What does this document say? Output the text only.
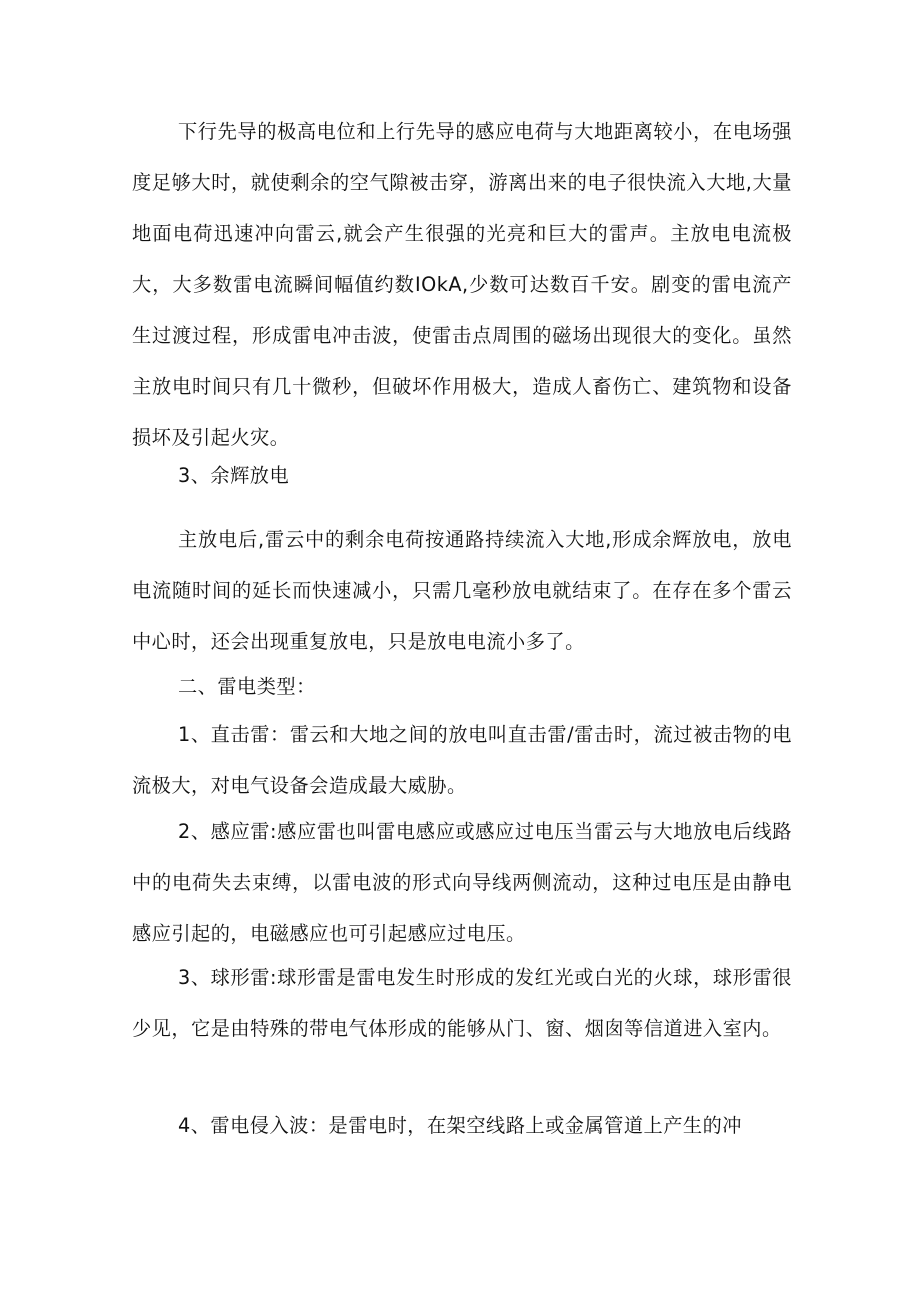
下行先导的极高电位和上行先导的感应电荷与大地距离较小，在电场强度足够大时，就使剩余的空气隙被击穿，游离出来的电子很快流入大地,大量地面电荷迅速冲向雷云,就会产生很强的光亮和巨大的雷声。主放电电流极大，大多数雷电流瞬间幅值约数IOkA,少数可达数百千安。剧变的雷电流产生过渡过程，形成雷电冲击波，使雷击点周围的磁场出现很大的变化。虽然主放电时间只有几十微秒，但破坏作用极大，造成人畜伤亡、建筑物和设备损坏及引起火灾。

3、余辉放电

主放电后,雷云中的剩余电荷按通路持续流入大地,形成余辉放电，放电电流随时间的延长而快速减小，只需几毫秒放电就结束了。在存在多个雷云中心时，还会出现重复放电，只是放电电流小多了。

二、雷电类型：

1、直击雷：雷云和大地之间的放电叫直击雷/雷击时，流过被击物的电流极大，对电气设备会造成最大威胁。

2、感应雷:感应雷也叫雷电感应或感应过电压当雷云与大地放电后线路中的电荷失去束缚，以雷电波的形式向导线两侧流动，这种过电压是由静电感应引起的，电磁感应也可引起感应过电压。

3、球形雷:球形雷是雷电发生时形成的发红光或白光的火球，球形雷很少见，它是由特殊的带电气体形成的能够从门、窗、烟囱等信道进入室内。

4、雷电侵入波：是雷电时，在架空线路上或金属管道上产生的冲
